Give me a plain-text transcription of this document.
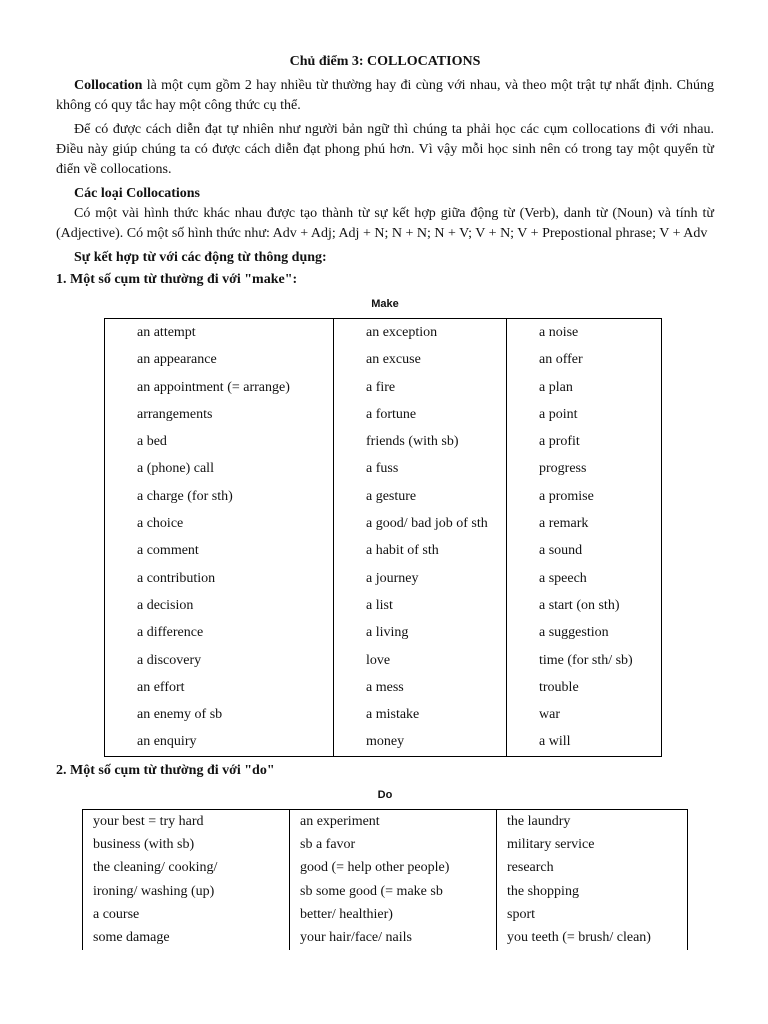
Chủ điểm 3: COLLOCATIONS

Collocation là một cụm gồm 2 hay nhiều từ thường hay đi cùng với nhau, và theo một trật tự nhất định. Chúng không có quy tắc hay một công thức cụ thể.

Để có được cách diễn đạt tự nhiên như người bản ngữ thì chúng ta phải học các cụm collocations đi với nhau. Điều này giúp chúng ta có được cách diễn đạt phong phú hơn. Vì vậy mỗi học sinh nên có trong tay một quyển từ điển về collocations.

Các loại Collocations

Có một vài hình thức khác nhau được tạo thành từ sự kết hợp giữa động từ (Verb), danh từ (Noun) và tính từ (Adjective). Có một số hình thức như: Adv + Adj; Adj + N; N + N; N + V; V + N; V + Prepostional phrase; V + Adv

Sự kết hợp từ với các động từ thông dụng:
1. Một số cụm từ thường đi với "make":
Make
an attempt	an exception	a noise
an appearance	an excuse	an offer
an appointment (= arrange)	a fire	a plan
arrangements	a fortune	a point
a bed	friends (with sb)	a profit
a (phone) call	a fuss	progress
a charge (for sth)	a gesture	a promise
a choice	a good/ bad job of sth	a remark
a comment	a habit of sth	a sound
a contribution	a journey	a speech
a decision	a list	a start (on sth)
a difference	a living	a suggestion
a discovery	love	time (for sth/ sb)
an effort	a mess	trouble
an enemy of sb	a mistake	war
an enquiry	money	a will
2. Một số cụm từ thường đi với "do"
Do
your best = try hard	an experiment	the laundry
business (with sb)	sb a favor	military service
the cleaning/ cooking/	good (= help other people)	research
ironing/ washing (up)	sb some good (= make sb	the shopping
a course	better/ healthier)	sport
some damage	your hair/face/ nails	you teeth (= brush/ clean)
